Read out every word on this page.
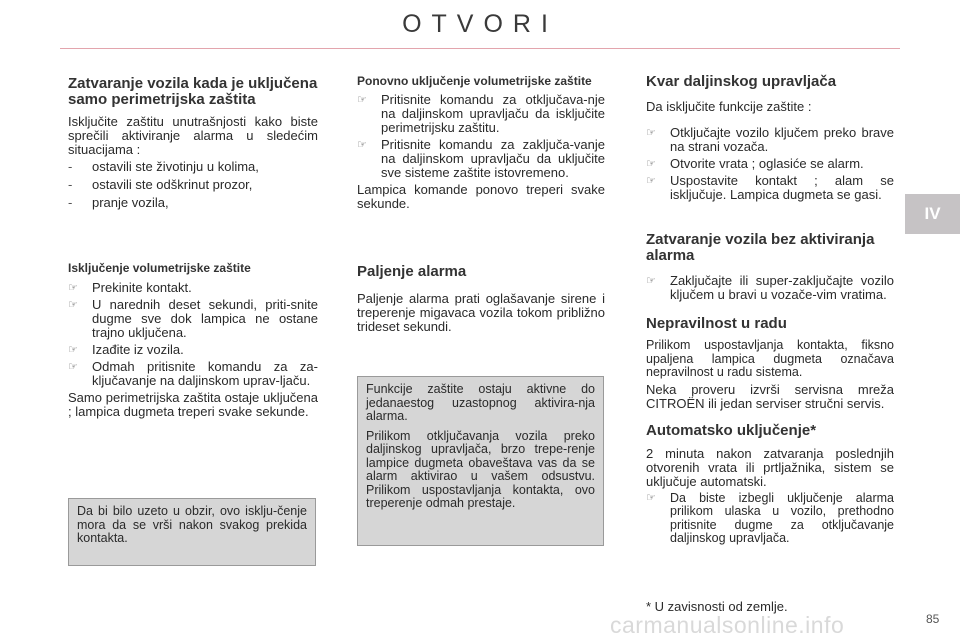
OTVORI
IV
Zatvaranje vozila kada je uključena samo perimetrijska zaštita

Isključite zaštitu unutrašnjosti kako biste sprečili aktiviranje alarma u sledećim situacijama :

- ostavili ste životinju u kolima,
- ostavili ste odškrinut prozor,
- pranje vozila,
Isključenje volumetrijske zaštite
☞ Prekinite kontakt.
☞ U narednih deset sekundi, priti-snite dugme sve dok lampica ne ostane trajno uključena.
☞ Izađite iz vozila.
☞ Odmah pritisnite komandu za za-ključavanje na daljinskom uprav-ljaču.

Samo perimetrijska zaštita ostaje uključena ; lampica dugmeta treperi svake sekunde.

Da bi bilo uzeto u obzir, ovo isklju-čenje mora da se vrši nakon svakog prekida kontakta.

Ponovno uključenje volumetrijske zaštite
☞ Pritisnite komandu za otključava-nje na daljinskom upravljaču da isključite perimetrijsku zaštitu.
☞ Pritisnite komandu za zaključa-vanje na daljinskom upravljaču da uključite sve sisteme zaštite istovremeno.

Lampica komande ponovo treperi svake sekunde.

Paljenje alarma

Paljenje alarma prati oglašavanje sirene i treperenje migavaca vozila tokom približno trideset sekundi.

Funkcije zaštite ostaju aktivne do jedanaestog uzastopnog aktivira-nja alarma.

Prilikom otključavanja vozila preko daljinskog upravljača, brzo trepe-renje lampice dugmeta obaveštava vas da se alarm aktivirao u vašem odsustvu. Prilikom uspostavljanja kontakta, ovo treperenje odmah prestaje.

Kvar daljinskog upravljača

Da isključite funkcije zaštite :

☞ Otključajte vozilo ključem preko brave na strani vozača.
☞ Otvorite vrata ; oglasiće se alarm.
☞ Uspostavite kontakt ; alam se isključuje. Lampica dugmeta se gasi.
Zatvaranje vozila bez aktiviranja alarma
☞ Zaključajte ili super-zaključajte vozilo ključem u bravi u vozače-vim vratima.
Nepravilnost u radu

Prilikom uspostavljanja kontakta, fiksno upaljena lampica dugmeta označava nepravilnost u radu sistema.

Neka proveru izvrši servisna mreža CITROËN ili jedan serviser stručni servis.

Automatsko uključenje*

2 minuta nakon zatvaranja poslednjih otvorenih vrata ili prtljažnika, sistem se uključuje automatski.

☞ Da biste izbegli uključenje alarma prilikom ulaska u vozilo, prethodno pritisnite dugme za otključavanje daljinskog upravljača.
* U zavisnosti od zemlje.
carmanualsonline.info	85
